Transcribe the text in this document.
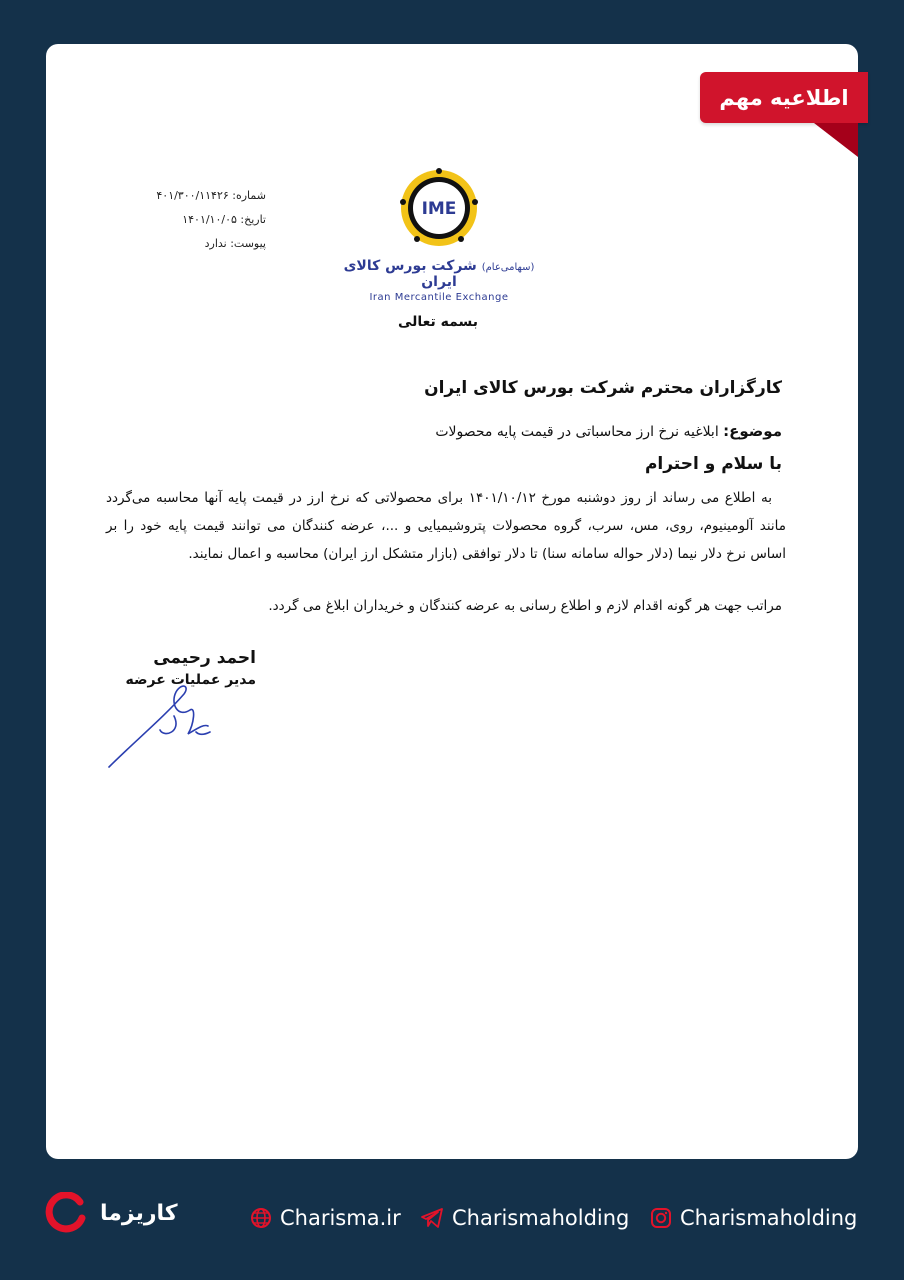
اطلاعیه مهم
شماره: ۴۰۱/۳۰۰/۱۱۴۲۶
تاریخ: ۱۴۰۱/۱۰/۰۵
پیوست: ندارد
IME
(سهامی‌عام) شرکت بورس کالای ایران
Iran Mercantile Exchange
بسمه تعالی
کارگزاران محترم شرکت بورس کالای ایران
موضوع: ابلاغیه نرخ ارز محاسباتی در قیمت پایه محصولات
با سلام و احترام
به اطلاع می رساند از روز دوشنبه مورخ ۱۴۰۱/۱۰/۱۲ برای محصولاتی که نرخ ارز در قیمت پایه آنها محاسبه می‌گردد مانند آلومینیوم، روی، مس، سرب، گروه محصولات پتروشیمیایی و ...، عرضه کنندگان می توانند قیمت پایه خود را بر اساس نرخ دلار نیما (دلار حواله سامانه سنا) تا دلار توافقی (بازار متشکل ارز ایران) محاسبه و اعمال نمایند.
مراتب جهت هر گونه اقدام لازم و اطلاع رسانی به عرضه کنندگان و خریداران ابلاغ می گردد.
احمد رحیمی
مدیر عملیات عرضه
کاریزما	Charisma.ir Charismaholding Charismaholding
